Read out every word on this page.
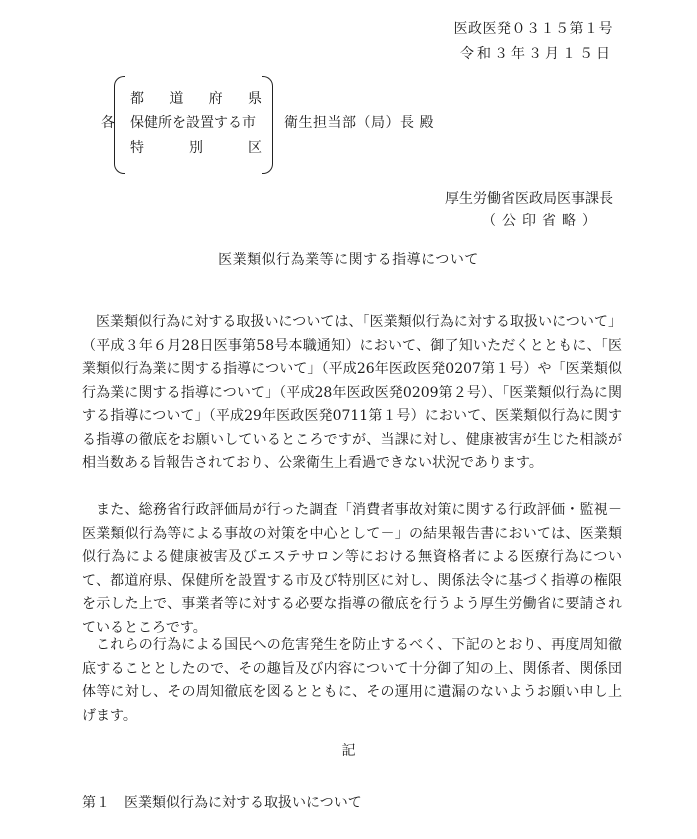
医政医発０３１５第１号
令和３年３月１５日
各
都 道 府 県
保健所を設置する市
特	別	区
衛生担当部（局）長 殿
厚生労働省医政局医事課長
（公印省略）
医業類似行為業等に関する指導について

医業類似行為に対する取扱いについては、「医業類似行為に対する取扱いについて」（平成３年６月28日医事第58号本職通知）において、御了知いただくとともに、「医業類似行為業に関する指導について」（平成26年医政医発0207第１号）や「医業類似行為業に関する指導について」（平成28年医政医発0209第２号）、「医業類似行為に関する指導について」（平成29年医政医発0711第１号）において、医業類似行為に関する指導の徹底をお願いしているところですが、当課に対し、健康被害が生じた相談が相当数ある旨報告されており、公衆衛生上看過できない状況であります。

また、総務省行政評価局が行った調査「消費者事故対策に関する行政評価・監視－医業類似行為等による事故の対策を中心として－」の結果報告書においては、医業類似行為による健康被害及びエステサロン等における無資格者による医療行為について、都道府県、保健所を設置する市及び特別区に対し、関係法令に基づく指導の権限を示した上で、事業者等に対する必要な指導の徹底を行うよう厚生労働省に要請されているところです。

これらの行為による国民への危害発生を防止するべく、下記のとおり、再度周知徹底することとしたので、その趣旨及び内容について十分御了知の上、関係者、関係団体等に対し、その周知徹底を図るとともに、その運用に遺漏のないようお願い申し上げます。

記
第１　医業類似行為に対する取扱いについて
